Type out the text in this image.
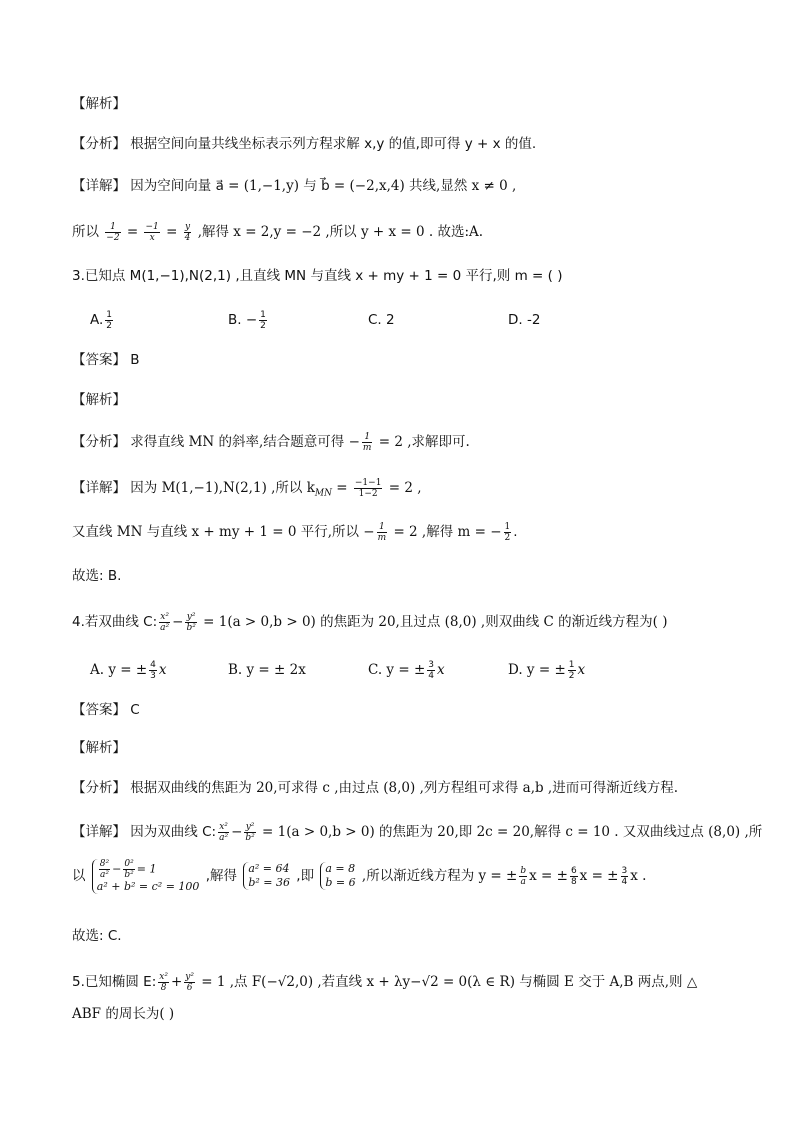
【解析】
【分析】 根据空间向量共线坐标表示列方程求解 x,y 的值,即可得 y + x 的值.
【详解】 因为空间向量 a⃗ = (1,−1,y) 与 b⃗ = (−2,x,4) 共线,显然 x ≠ 0 ,
所以 $\frac{1}{-2} = \frac{-1}{x} = \frac{y}{4}$ ,解得 x = 2,y = −2 ,所以 y + x = 0 . 故选:A.
3.已知点 M(1,−1),N(2,1) ,且直线 MN 与直线 x + my + 1 = 0 平行,则 m = ( )
A. $\frac{1}{2}$	B. − $\frac{1}{2}$	C. 2	D. -2
【答案】 B
【解析】
【分析】 求得直线 MN 的斜率,结合题意可得 − $\frac{1}{m} = 2$ ,求解即可.
【详解】 因为 M(1,−1),N(2,1) ,所以 $k_{MN} = \frac{-1-1}{1-2} = 2$ ,
又直线 MN 与直线 x + my + 1 = 0 平行,所以 − $\frac{1}{m} = 2$ ,解得 m = − $\frac{1}{2}$ .
故选: B.
4.若双曲线 C: $\frac{\text{x²}}{\text{a²}} - \frac{\text{y²}}{\text{b²}} = 1(a > 0,b > 0)$ 的焦距为 20,且过点 (8,0) ,则双曲线 C 的渐近线方程为( )
A. y = ± $\frac{4}{3}$ x	B. y = ± 2x	C. y = ± $\frac{3}{4}$ x	D. y = ± $\frac{1}{2}$ x
【答案】 C
【解析】
【分析】 根据双曲线的焦距为 20,可求得 c ,由过点 (8,0) ,列方程组可求得 a,b ,进而可得渐近线方程.
【详解】 因为双曲线 C: $\frac{\text{x²}}{\text{a²}} - \frac{\text{y²}}{\text{b²}} = 1(a > 0,b > 0)$ 的焦距为 20,即 2c = 20,解得 c = 10 . 又双曲线过点 (8,0) ,所
以 $\frac{\text{8²}}{\text{a²}} - \frac{\text{0²}}{\text{b²}} = 1$
a² + b² = c² = 100
,解得 a² = 64
b² = 36 ,即 a = 8
b = 6 ,所以渐近线方程为 y = ± $\frac{b}{a}$ x = ± $\frac{6}{8}$ x = ± $\frac{3}{4}$ x .
故选: C.
5.已知椭圆 E: $\frac{\text{x²}}{8} + \frac{\text{y²}}{6} = 1$ ,点 F(−√2,0) ,若直线 x + λy−√2 = 0(λ ∈ R) 与椭圆 E 交于 A,B 两点,则 △
ABF 的周长为( )
